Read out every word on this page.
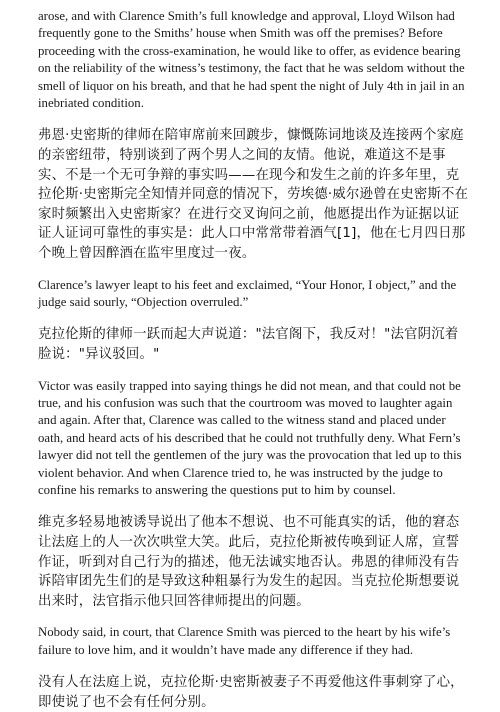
arose, and with Clarence Smith’s full knowledge and approval, Lloyd Wilson had frequently gone to the Smiths’ house when Smith was off the premises? Before proceeding with the cross-examination, he would like to offer, as evidence bearing on the reliability of the witness’s testimony, the fact that he was seldom without the smell of liquor on his breath, and that he had spent the night of July 4th in jail in an inebriated condition.

弗恩·史密斯的律师在陪审席前来回踱步，慷慨陈词地谈及连接两个家庭的亲密纽带，特别谈到了两个男人之间的友情。他说，难道这不是事实、不是一个无可争辩的事实吗——在现今和发生之前的许多年里，克拉伦斯·史密斯完全知情并同意的情况下，劳埃德·威尔逊曾在史密斯不在家时频繁出入史密斯家？在进行交叉询问之前，他愿提出作为证据以证证人证词可靠性的事实是：此人口中常常带着酒气[1]，他在七月四日那个晚上曾因醉酒在监牢里度过一夜。

Clarence’s lawyer leapt to his feet and exclaimed, “Your Honor, I object,” and the judge said sourly, “Objection overruled.”

克拉伦斯的律师一跃而起大声说道："法官阁下，我反对！"法官阴沉着脸说："异议驳回。"

Victor was easily trapped into saying things he did not mean, and that could not be true, and his confusion was such that the courtroom was moved to laughter again and again. After that, Clarence was called to the witness stand and placed under oath, and heard acts of his described that he could not truthfully deny. What Fern’s lawyer did not tell the gentlemen of the jury was the provocation that led up to this violent behavior. And when Clarence tried to, he was instructed by the judge to confine his remarks to answering the questions put to him by counsel.

维克多轻易地被诱导说出了他本不想说、也不可能真实的话，他的窘态让法庭上的人一次次哄堂大笑。此后，克拉伦斯被传唤到证人席，宣誓作证，听到对自己行为的描述，他无法诚实地否认。弗恩的律师没有告诉陪审团先生们的是导致这种粗暴行为发生的起因。当克拉伦斯想要说出来时，法官指示他只回答律师提出的问题。

Nobody said, in court, that Clarence Smith was pierced to the heart by his wife’s failure to love him, and it wouldn’t have made any difference if they had.

没有人在法庭上说，克拉伦斯·史密斯被妻子不再爱他这件事刺穿了心，即使说了也不会有任何分别。
